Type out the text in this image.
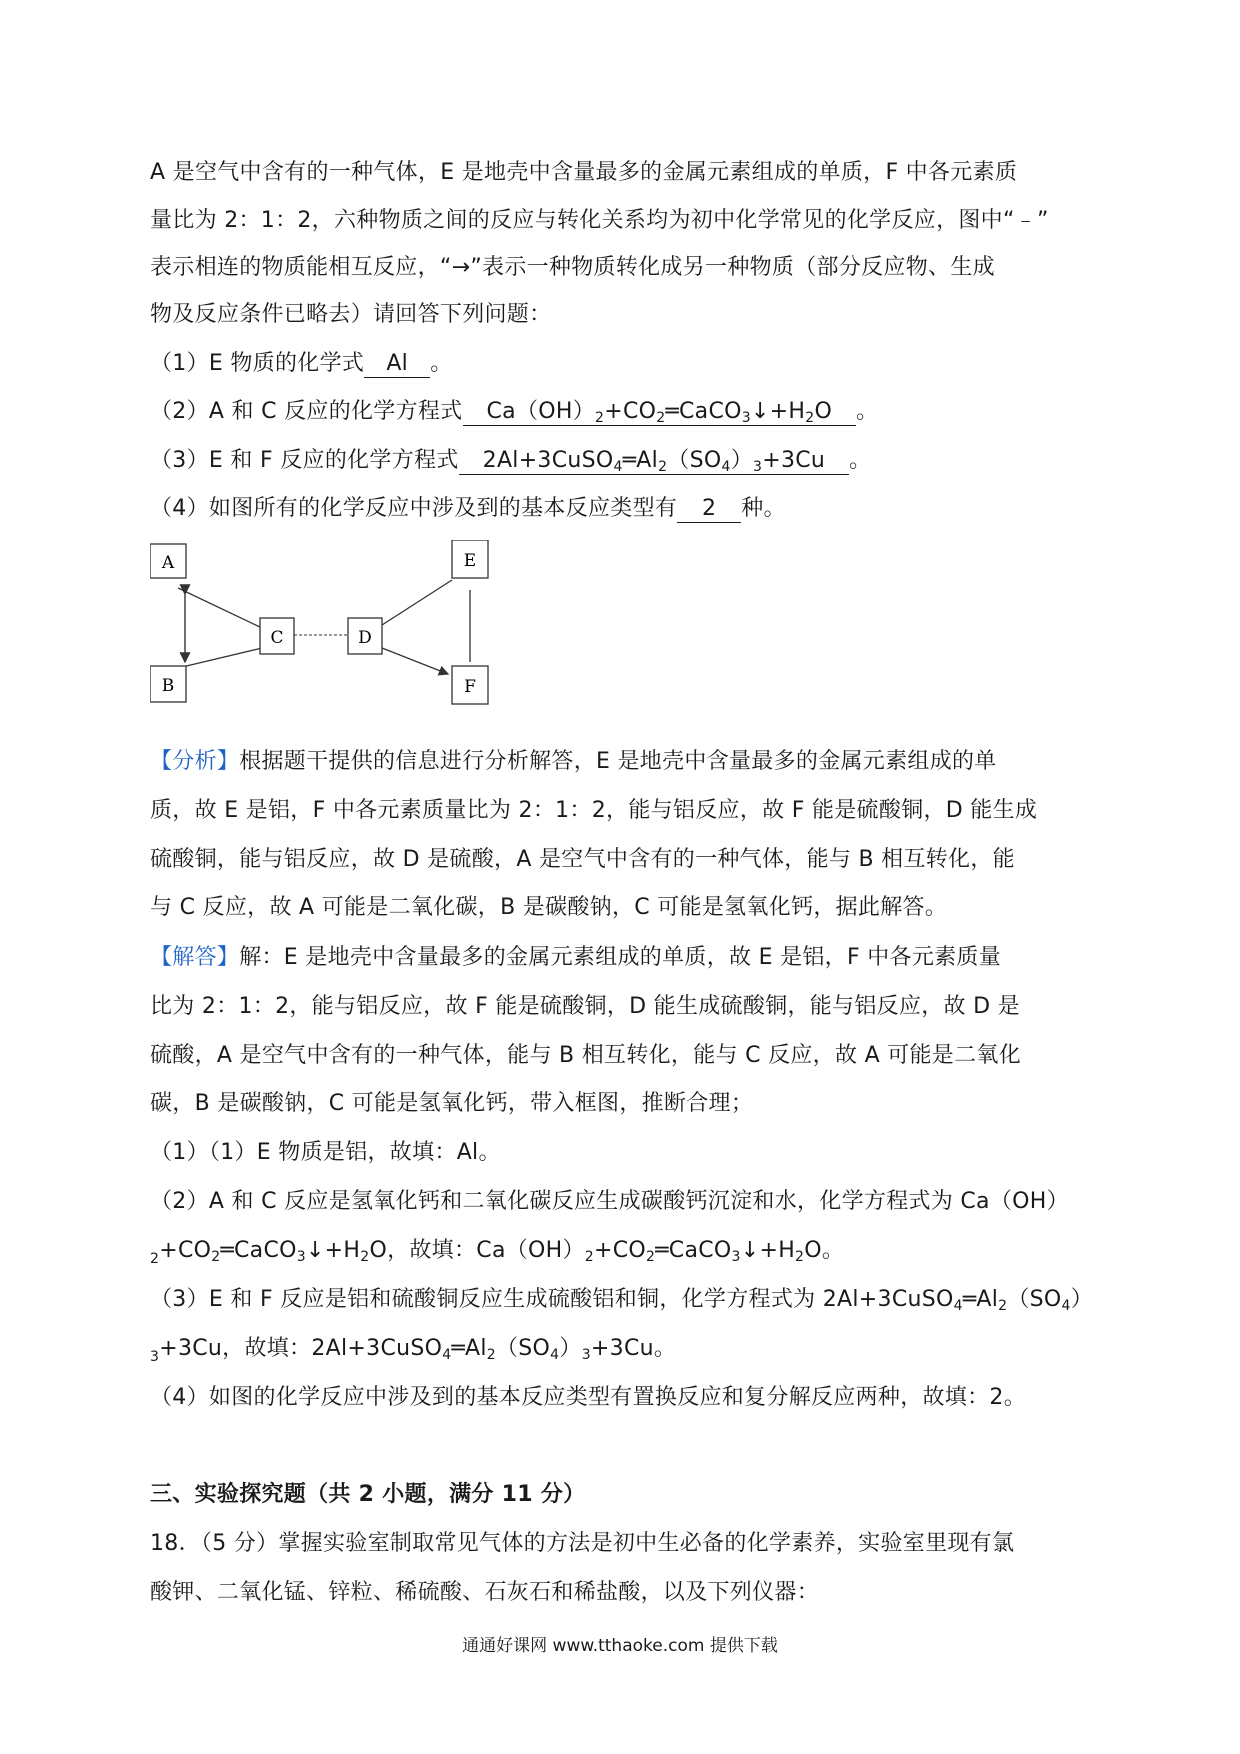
A 是空气中含有的一种气体，E 是地壳中含量最多的金属元素组成的单质，F 中各元素质
量比为 2：1：2，六种物质之间的反应与转化关系均为初中化学常见的化学反应，图中“﹣”
表示相连的物质能相互反应，“→”表示一种物质转化成另一种物质（部分反应物、生成
物及反应条件已略去）请回答下列问题：
（1）E 物质的化学式 Al 。
（2）A 和 C 反应的化学方程式 $Ca(OH)_2+CO_2═CaCO_3↓+H_2O$ 。
（3）E 和 F 反应的化学方程式 $2Al+3CuSO_4═Al_2(SO_4)_3+3Cu$ 。
（4）如图所有的化学反应中涉及到的基本反应类型有 2 种。
A
B
C	D
E
F
【分析】根据题干提供的信息进行分析解答，E 是地壳中含量最多的金属元素组成的单
质，故 E 是铝，F 中各元素质量比为 2：1：2，能与铝反应，故 F 能是硫酸铜，D 能生成
硫酸铜，能与铝反应，故 D 是硫酸，A 是空气中含有的一种气体，能与 B 相互转化，能
与 C 反应，故 A 可能是二氧化碳，B 是碳酸钠，C 可能是氢氧化钙，据此解答。
【解答】解：E 是地壳中含量最多的金属元素组成的单质，故 E 是铝，F 中各元素质量
比为 2：1：2，能与铝反应，故 F 能是硫酸铜，D 能生成硫酸铜，能与铝反应，故 D 是
硫酸，A 是空气中含有的一种气体，能与 B 相互转化，能与 C 反应，故 A 可能是二氧化
碳，B 是碳酸钠，C 可能是氢氧化钙，带入框图，推断合理；
（1）（1）E 物质是铝，故填：Al。
（2）A 和 C 反应是氢氧化钙和二氧化碳反应生成碳酸钙沉淀和水，化学方程式为 Ca（OH）
$_2+CO_2═CaCO_3↓+H_2O$，故填：$Ca(OH)_2+CO_2═CaCO_3↓+H_2O$。
（3）E 和 F 反应是铝和硫酸铜反应生成硫酸铝和铜，化学方程式为 $2Al+3CuSO_4═Al_2(SO_4)$
$_3$+3Cu，故填：$2Al+3CuSO_4═Al_2(SO_4)_3+3Cu$。
（4）如图的化学反应中涉及到的基本反应类型有置换反应和复分解反应两种，故填：2。
三、实验探究题（共 2 小题，满分 11 分）
18．（5 分）掌握实验室制取常见气体的方法是初中生必备的化学素养，实验室里现有氯
酸钾、二氧化锰、锌粒、稀硫酸、石灰石和稀盐酸，以及下列仪器：
通通好课网 www.tthaoke.com 提供下载
